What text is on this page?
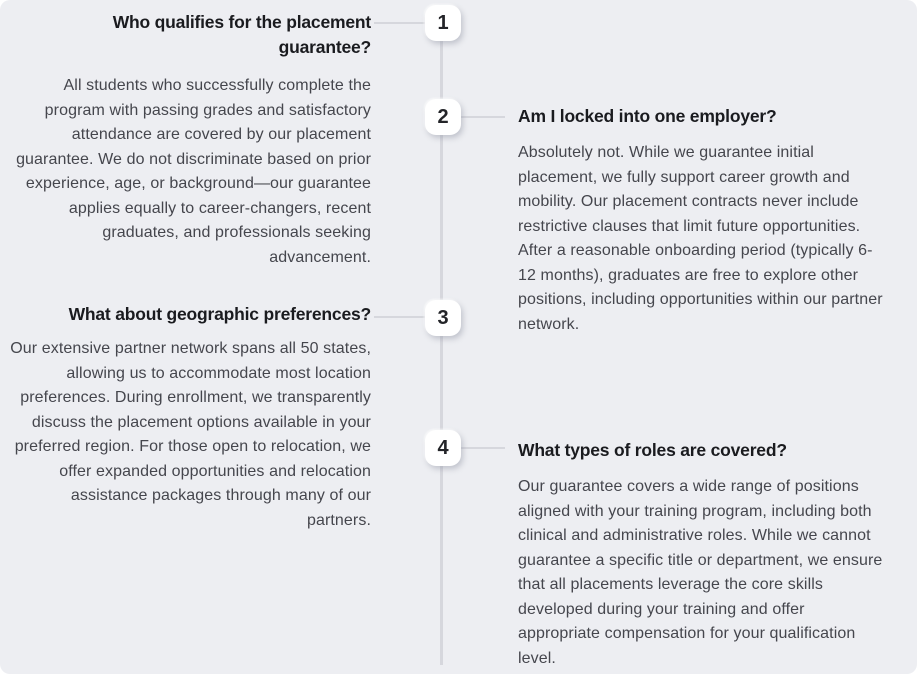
1
2
3
4
Who qualifies for the placement guarantee?

All students who successfully complete the program with passing grades and satisfactory attendance are covered by our placement guarantee. We do not discriminate based on prior experience, age, or background—our guarantee applies equally to career-changers, recent graduates, and professionals seeking advancement.

Am I locked into one employer?

Absolutely not. While we guarantee initial placement, we fully support career growth and mobility. Our placement contracts never include restrictive clauses that limit future opportunities. After a reasonable onboarding period (typically 6-12 months), graduates are free to explore other positions, including opportunities within our partner network.

What about geographic preferences?

Our extensive partner network spans all 50 states, allowing us to accommodate most location preferences. During enrollment, we transparently discuss the placement options available in your preferred region. For those open to relocation, we offer expanded opportunities and relocation assistance packages through many of our partners.

What types of roles are covered?

Our guarantee covers a wide range of positions aligned with your training program, including both clinical and administrative roles. While we cannot guarantee a specific title or department, we ensure that all placements leverage the core skills developed during your training and offer appropriate compensation for your qualification level.
